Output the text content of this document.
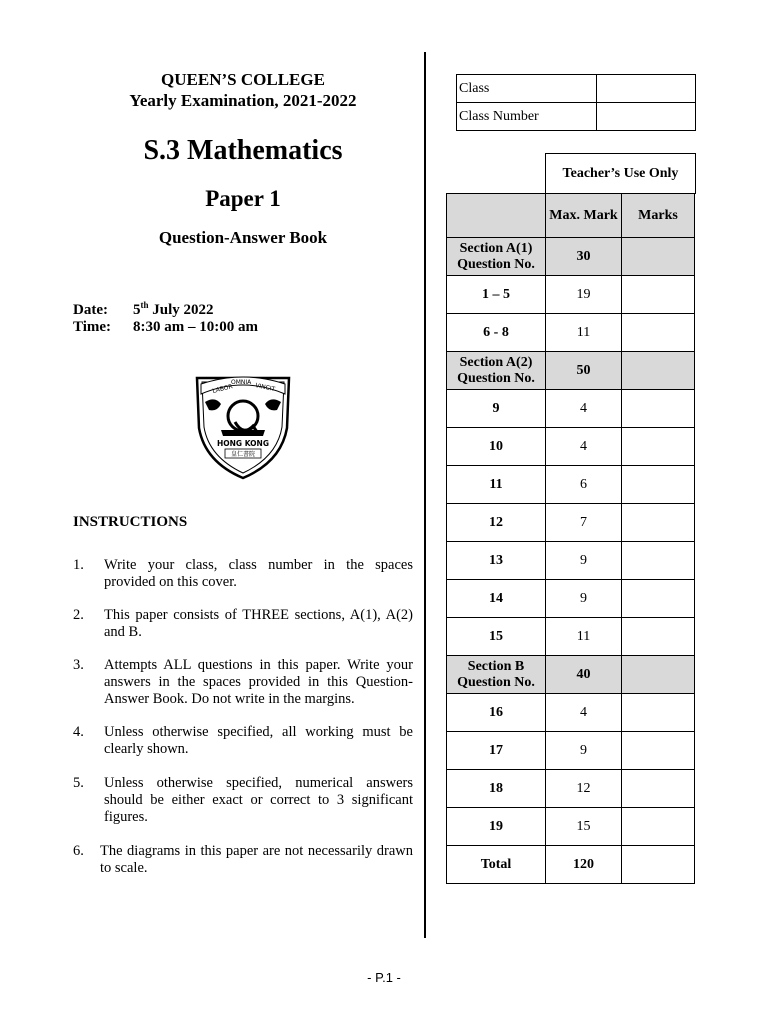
QUEEN’S COLLEGE
Yearly Examination, 2021-2022
S.3 Mathematics
Paper 1
Question-Answer Book
Date: 5th July 2022
Time: 8:30 am – 10:00 am
LABOR
OMNIA VINCIT
HONG KONG
皇仁書院
INSTRUCTIONS
1. Write your class, class number in the spaces provided on this cover.
2. This paper consists of THREE sections, A(1), A(2) and B.
3. Attempts ALL questions in this paper. Write your answers in the spaces provided in this Question-Answer Book. Do not write in the margins.
4. Unless otherwise specified, all working must be clearly shown.
5. Unless otherwise specified, numerical answers should be either exact or correct to 3 significant figures.
6. The diagrams in this paper are not necessarily drawn to scale.
Class	
Class Number	
Teacher’s Use Only
	Max. Mark	Marks
Section A(1) Question No.	30	
1 – 5	19	
6 - 8	11	
Section A(2) Question No.	50	
9	4	
10	4	
11	6	
12	7	
13	9	
14	9	
15	11	
Section B Question No.	40	
16	4	
17	9	
18	12	
19	15	
Total	120	
- P.1 -
